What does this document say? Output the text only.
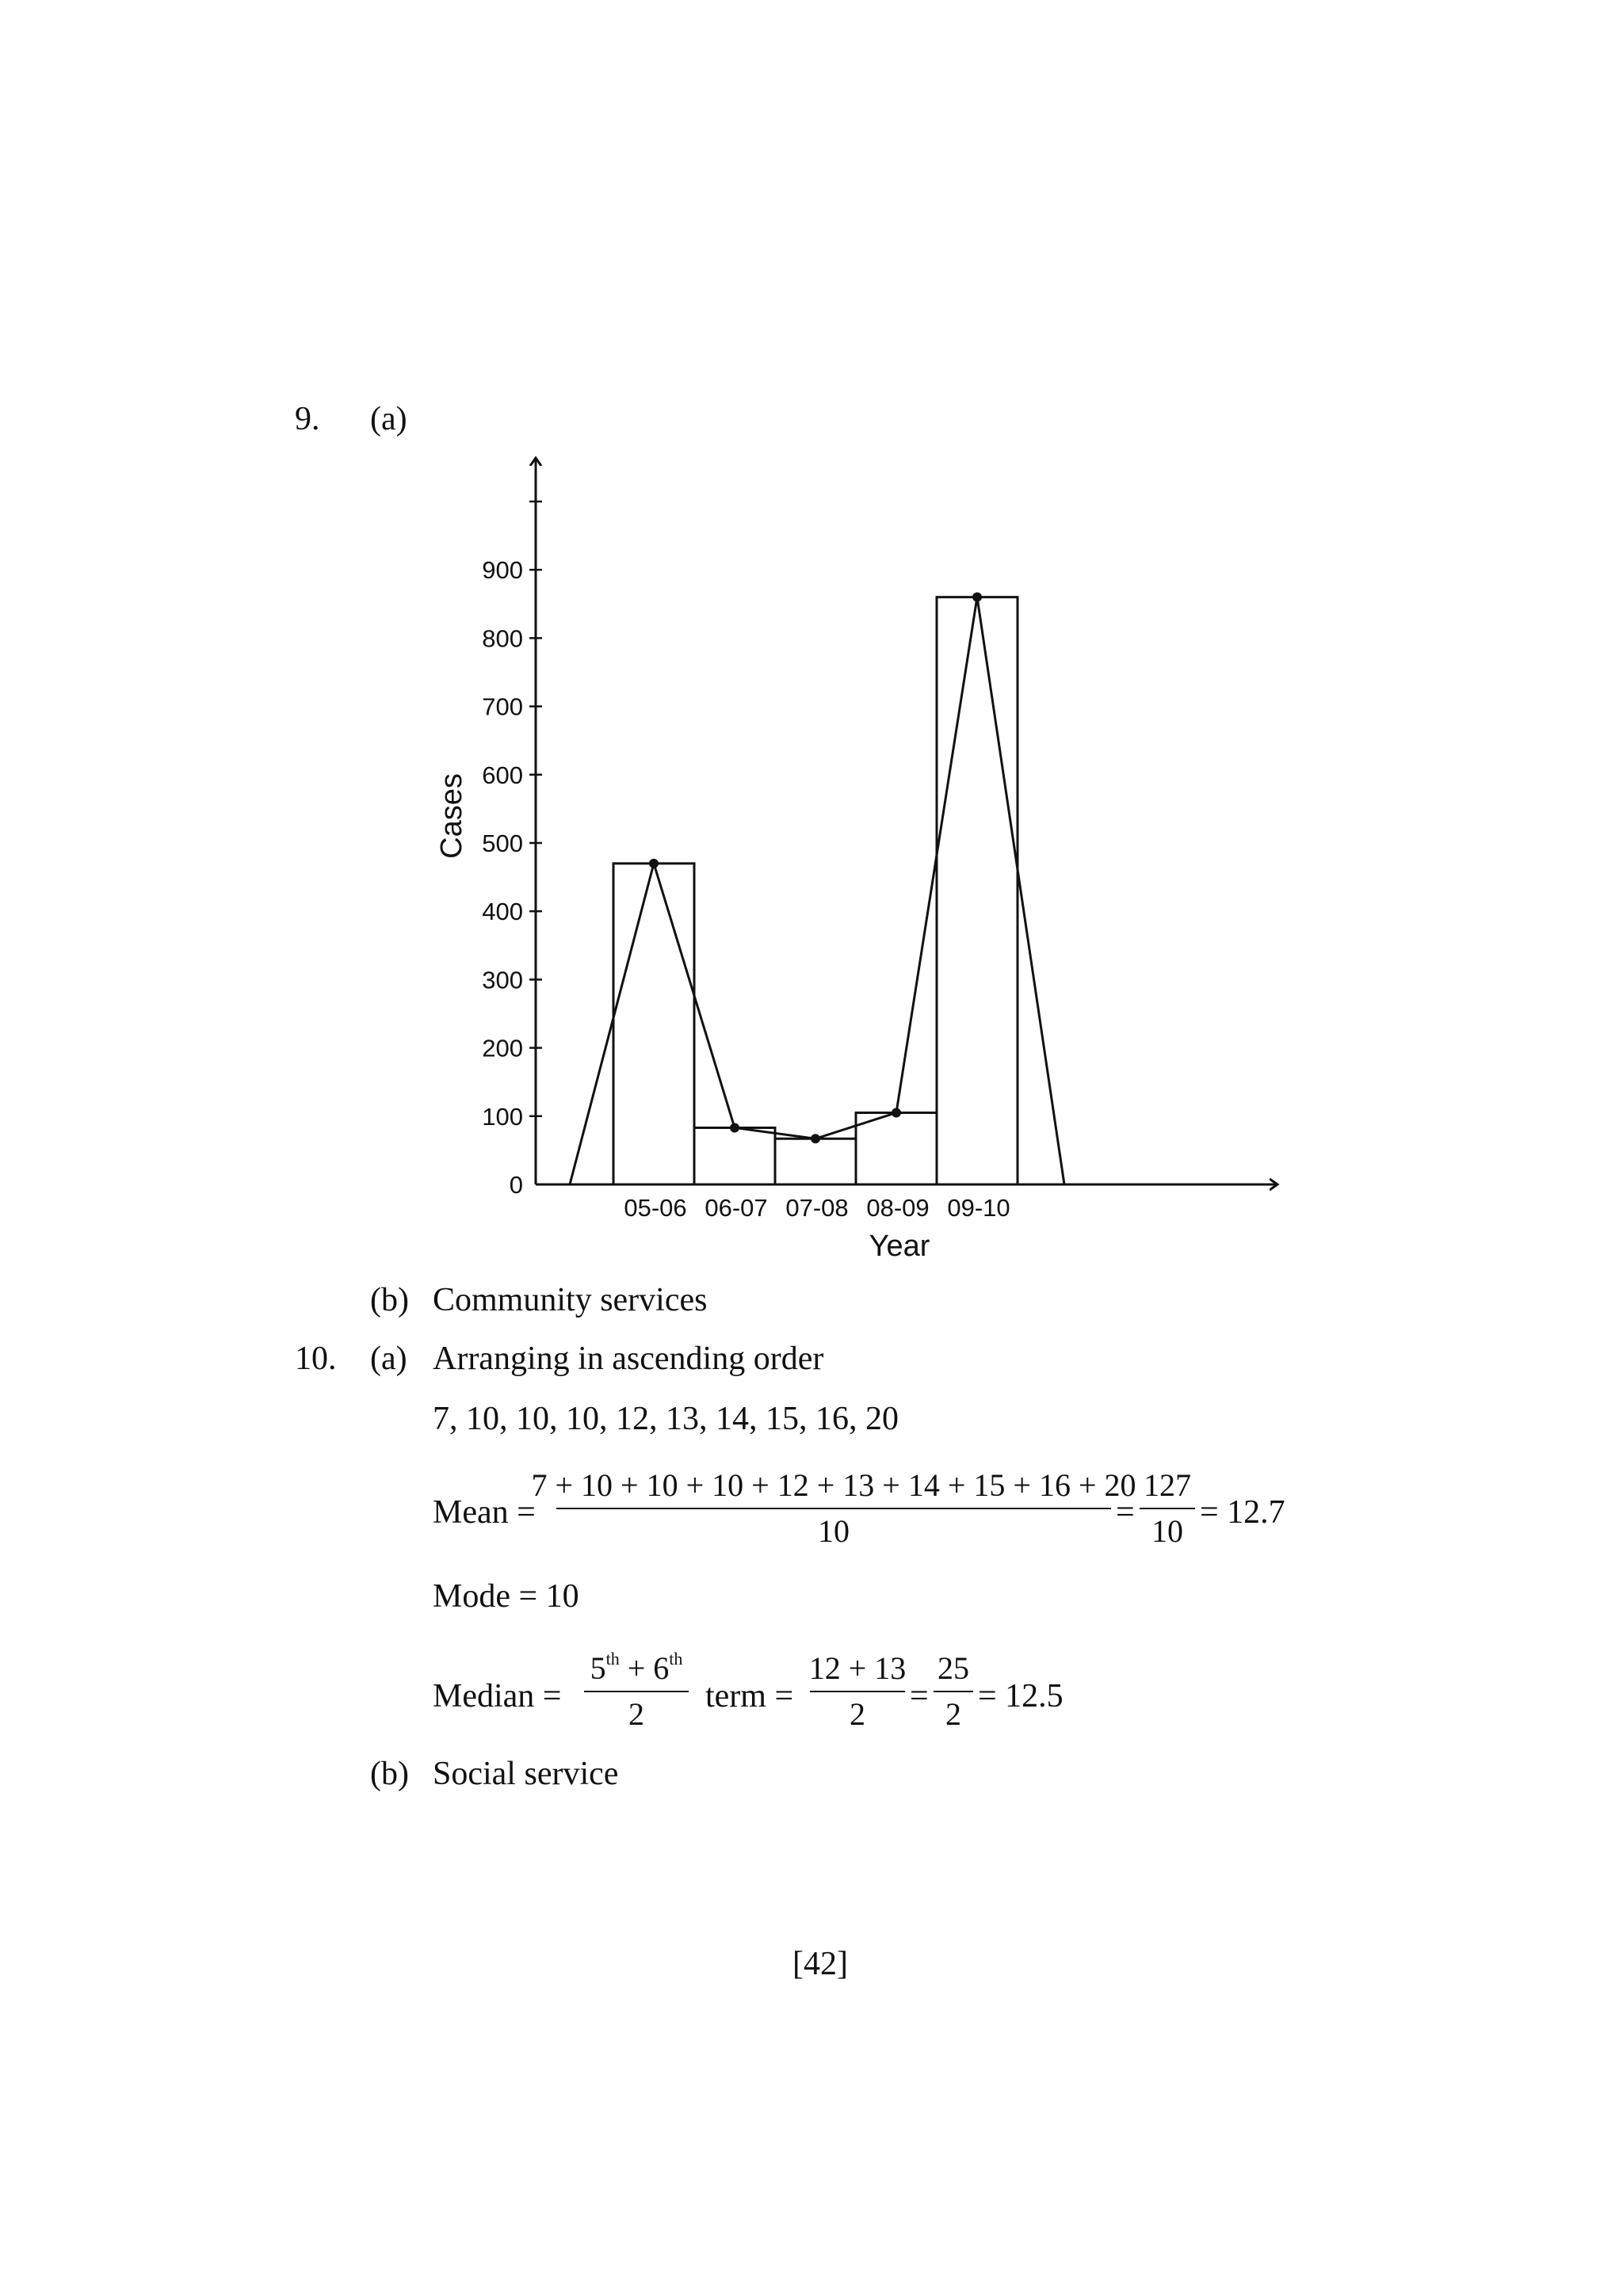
9. (a)
0
100
200
300
400
500
600
700
800
900
05-06 06-07 07-08 08-09 09-10
Year
Cases
(b) Community services
10. (a) Arranging in ascending order
7, 10, 10, 10, 12, 13, 14, 15, 16, 20
Mean =
7 + 10 + 10 + 10 + 12 + 13 + 14 + 15 + 16 + 20
10
=
127
10
= 12.7
Mode = 10
Median =
5th + 6th
2 term =
12 + 13
2 =
25
2 = 12.5
(b) Social service
[42]
